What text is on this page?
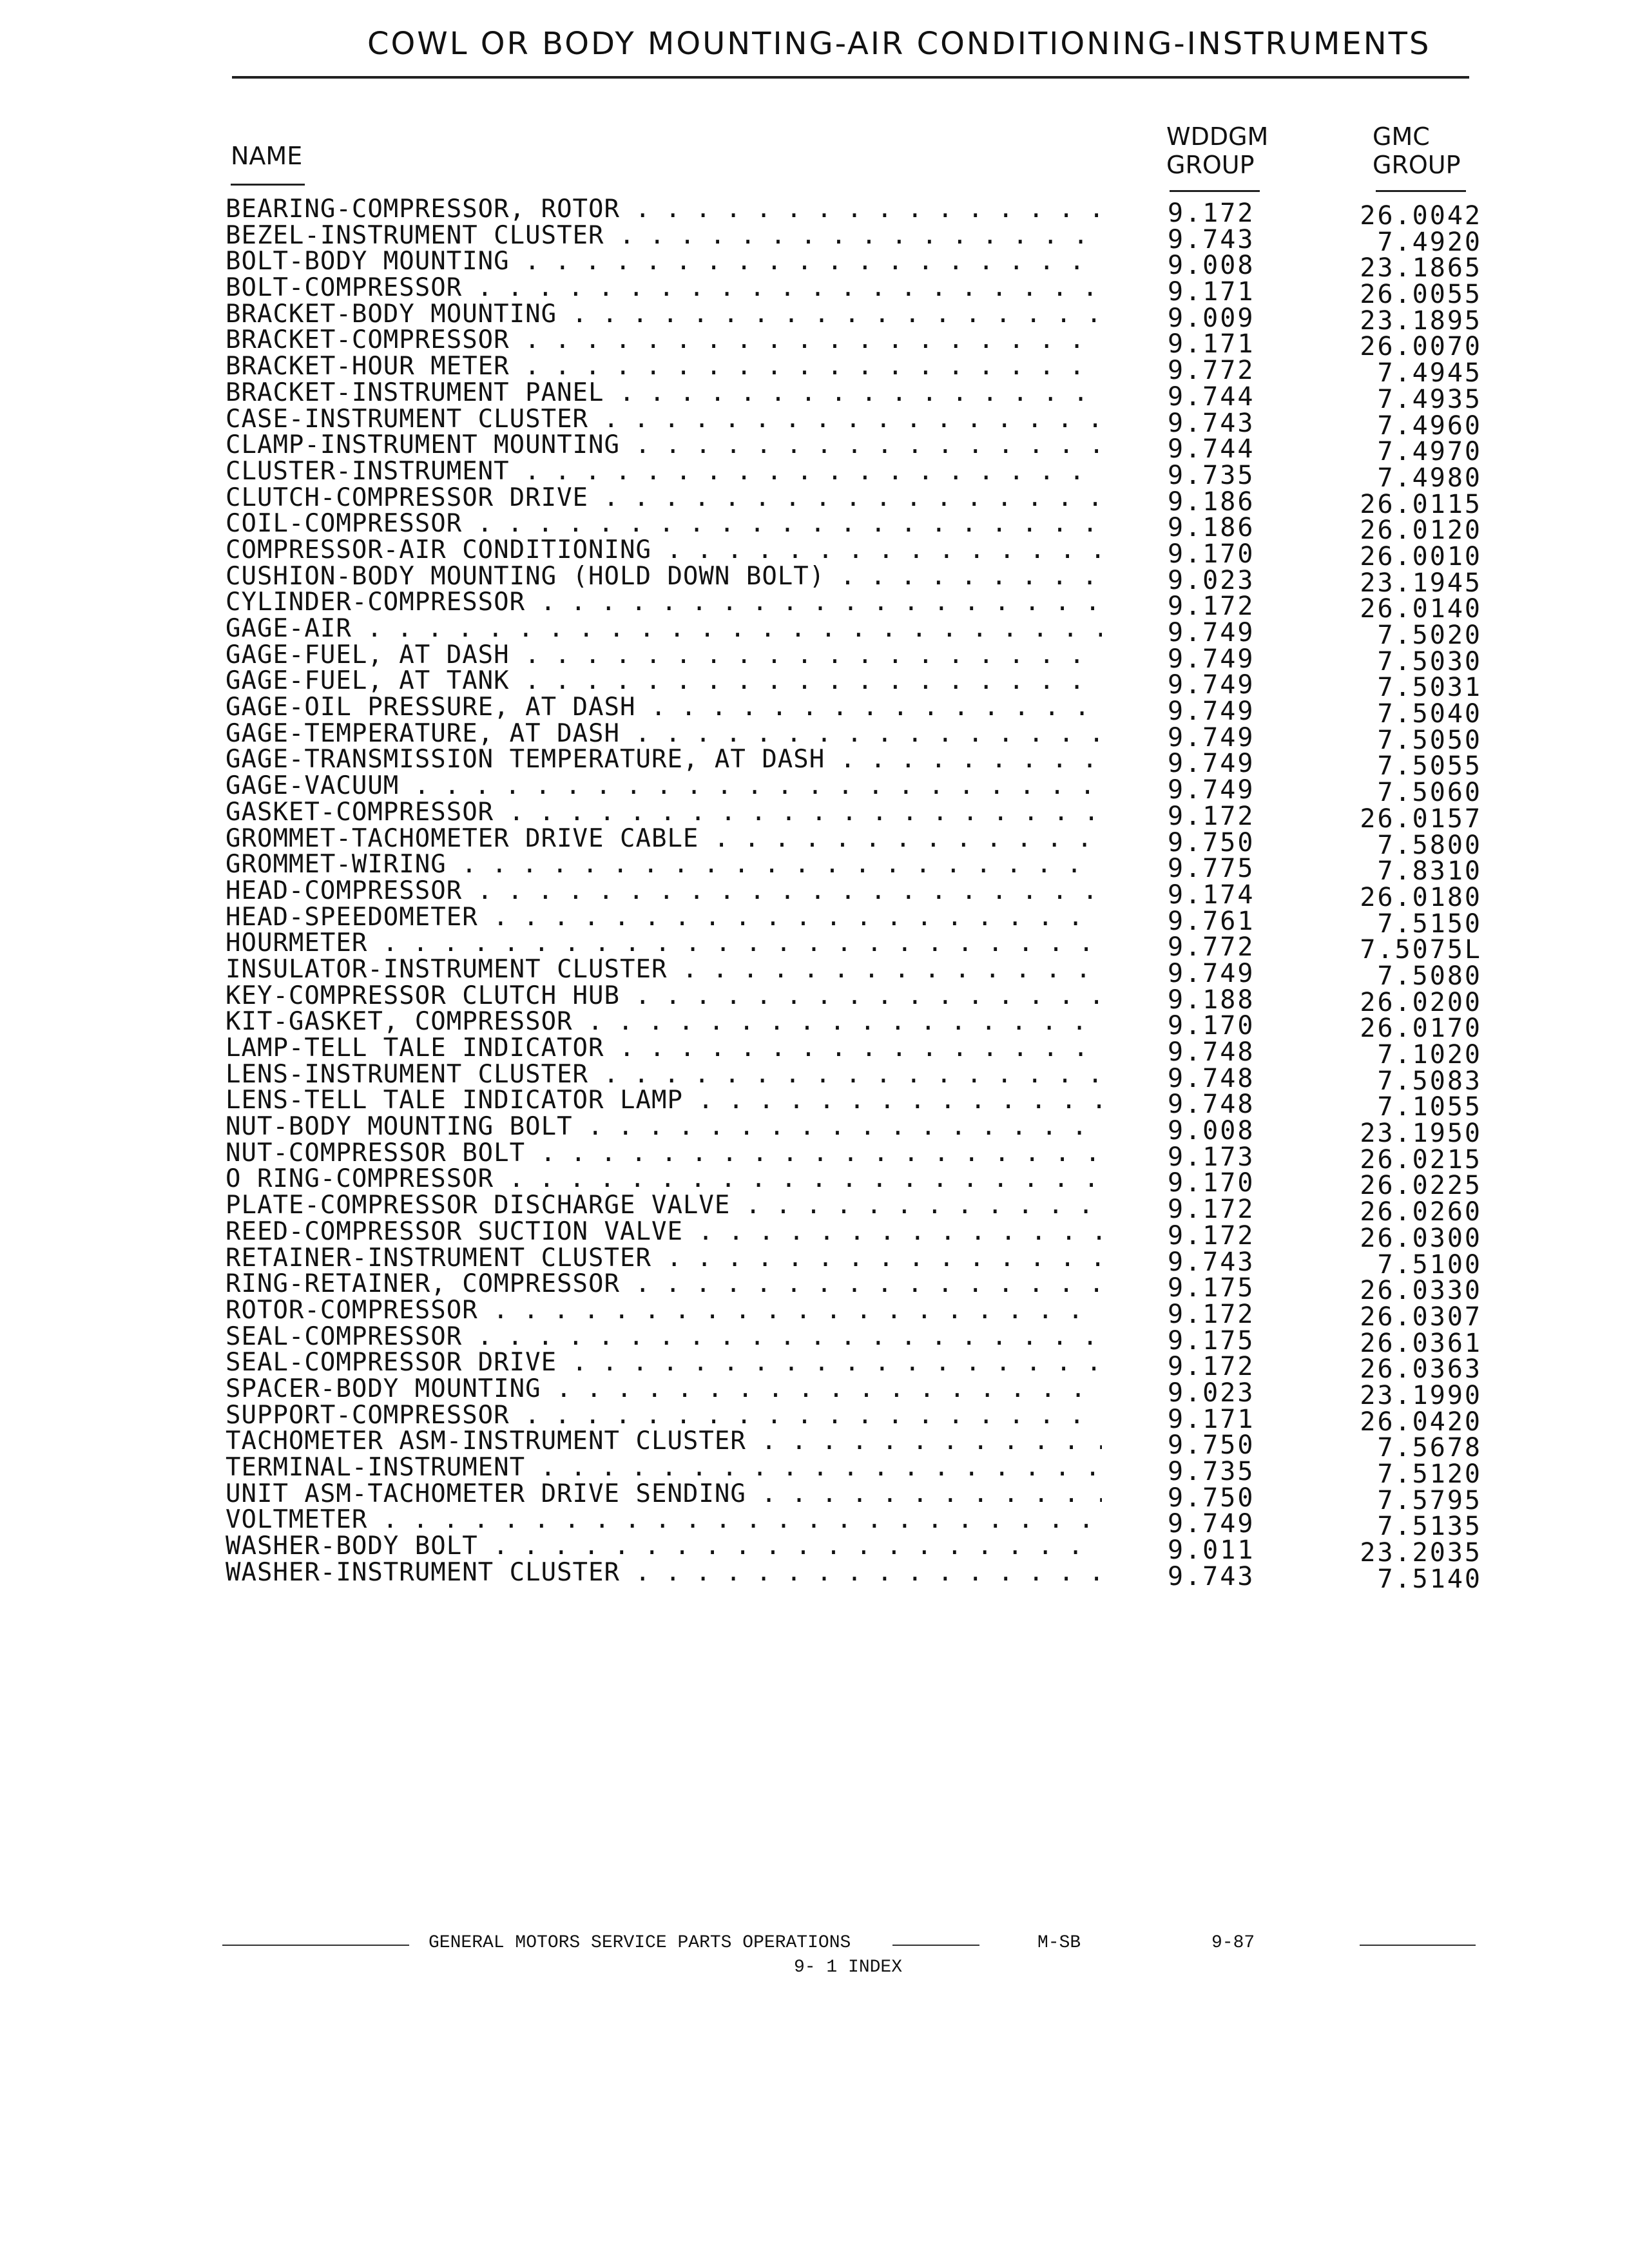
COWL OR BODY MOUNTING-AIR CONDITIONING-INSTRUMENTS
NAME
WDDGM
GROUP
GMC
GROUP
BEARING-COMPRESSOR, ROTOR . . .	9.172	26.0042
BEZEL-INSTRUMENT CLUSTER . . .	9.743	7.4920
BOLT-BODY MOUNTING . . .	9.008	23.1865
BOLT-COMPRESSOR . . .	9.171	26.0055
BRACKET-BODY MOUNTING . . .	9.009	23.1895
BRACKET-COMPRESSOR . . .	9.171	26.0070
BRACKET-HOUR METER . . .	9.772	7.4945
BRACKET-INSTRUMENT PANEL . . .	9.744	7.4935
CASE-INSTRUMENT CLUSTER . . .	9.743	7.4960
CLAMP-INSTRUMENT MOUNTING . . .	9.744	7.4970
CLUSTER-INSTRUMENT . . .	9.735	7.4980
CLUTCH-COMPRESSOR DRIVE . . .	9.186	26.0115
COIL-COMPRESSOR . . .	9.186	26.0120
COMPRESSOR-AIR CONDITIONING . . .	9.170	26.0010
CUSHION-BODY MOUNTING (HOLD DOWN BOLT) . . .	9.023	23.1945
CYLINDER-COMPRESSOR . . .	9.172	26.0140
GAGE-AIR . . .	9.749	7.5020
GAGE-FUEL, AT DASH . . .	9.749	7.5030
GAGE-FUEL, AT TANK . . .	9.749	7.5031
GAGE-OIL PRESSURE, AT DASH . . .	9.749	7.5040
GAGE-TEMPERATURE, AT DASH . . .	9.749	7.5050
GAGE-TRANSMISSION TEMPERATURE, AT DASH . . .	9.749	7.5055
GAGE-VACUUM . . .	9.749	7.5060
GASKET-COMPRESSOR . . .	9.172	26.0157
GROMMET-TACHOMETER DRIVE CABLE . . .	9.750	7.5800
GROMMET-WIRING . . .	9.775	7.8310
HEAD-COMPRESSOR . . .	9.174	26.0180
HEAD-SPEEDOMETER . . .	9.761	7.5150
HOURMETER . . .	9.772	7.5075L
INSULATOR-INSTRUMENT CLUSTER . . .	9.749	7.5080
KEY-COMPRESSOR CLUTCH HUB . . .	9.188	26.0200
KIT-GASKET, COMPRESSOR . . .	9.170	26.0170
LAMP-TELL TALE INDICATOR . . .	9.748	7.1020
LENS-INSTRUMENT CLUSTER . . .	9.748	7.5083
LENS-TELL TALE INDICATOR LAMP . . .	9.748	7.1055
NUT-BODY MOUNTING BOLT . . .	9.008	23.1950
NUT-COMPRESSOR BOLT . . .	9.173	26.0215
O RING-COMPRESSOR . . .	9.170	26.0225
PLATE-COMPRESSOR DISCHARGE VALVE . . .	9.172	26.0260
REED-COMPRESSOR SUCTION VALVE . . .	9.172	26.0300
RETAINER-INSTRUMENT CLUSTER . . .	9.743	7.5100
RING-RETAINER, COMPRESSOR . . .	9.175	26.0330
ROTOR-COMPRESSOR . . .	9.172	26.0307
SEAL-COMPRESSOR . . .	9.175	26.0361
SEAL-COMPRESSOR DRIVE . . .	9.172	26.0363
SPACER-BODY MOUNTING . . .	9.023	23.1990
SUPPORT-COMPRESSOR . . .	9.171	26.0420
TACHOMETER ASM-INSTRUMENT CLUSTER . . .	9.750	7.5678
TERMINAL-INSTRUMENT . . .	9.735	7.5120
UNIT ASM-TACHOMETER DRIVE SENDING . . .	9.750	7.5795
VOLTMETER . . .	9.749	7.5135
WASHER-BODY BOLT . . .	9.011	23.2035
WASHER-INSTRUMENT CLUSTER . . .	9.743	7.5140
GENERAL MOTORS SERVICE PARTS OPERATIONS	M-SB	9-87
9- 1 INDEX
